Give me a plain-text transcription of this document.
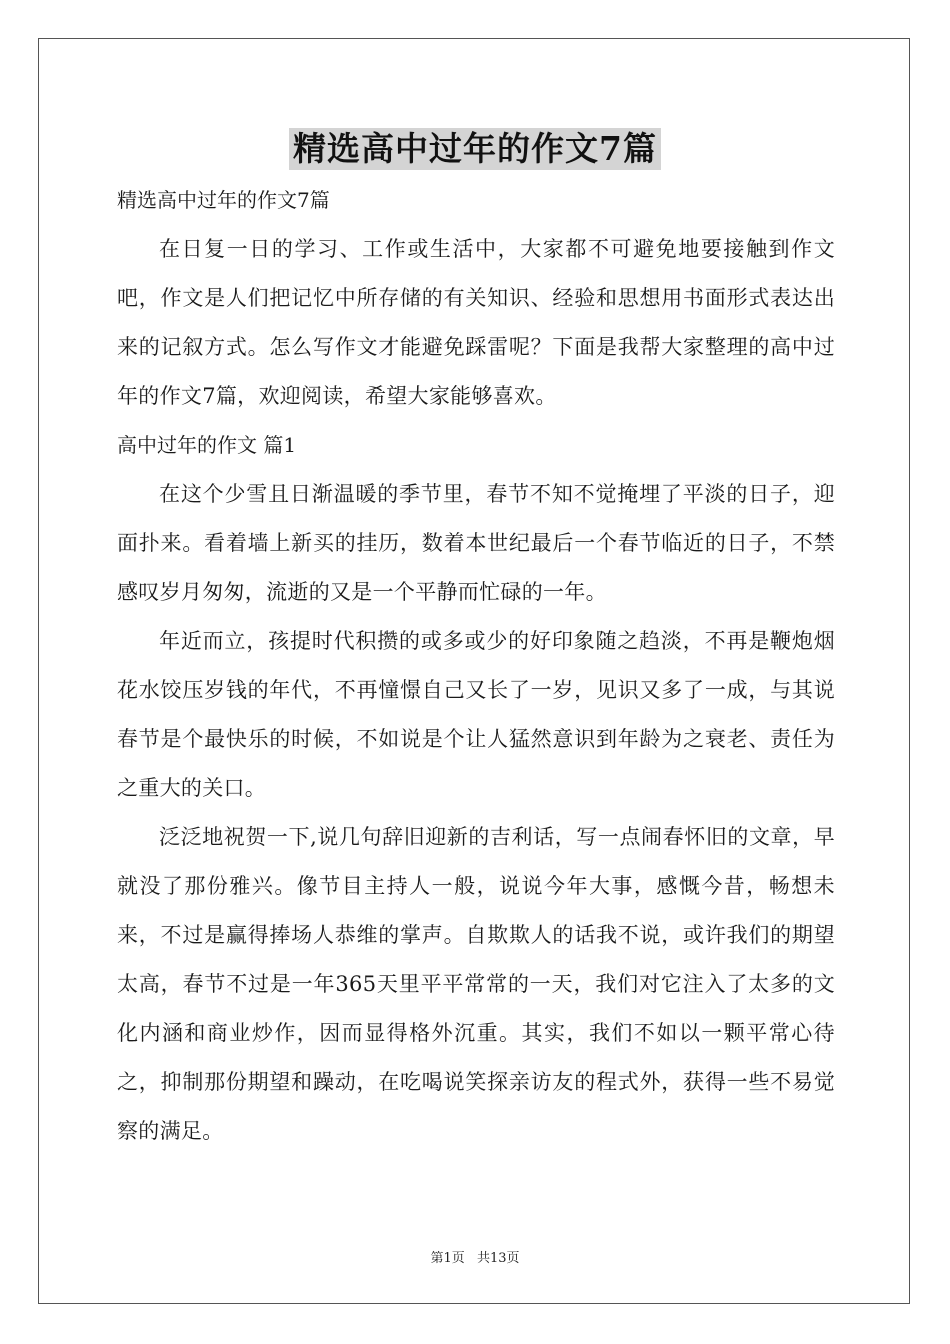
精选高中过年的作文7篇

精选高中过年的作文7篇

在日复一日的学习、工作或生活中，大家都不可避免地要接触到作文吧，作文是人们把记忆中所存储的有关知识、经验和思想用书面形式表达出来的记叙方式。怎么写作文才能避免踩雷呢？下面是我帮大家整理的高中过年的作文7篇，欢迎阅读，希望大家能够喜欢。

高中过年的作文 篇1

在这个少雪且日渐温暖的季节里，春节不知不觉掩埋了平淡的日子，迎面扑来。看着墙上新买的挂历，数着本世纪最后一个春节临近的日子，不禁感叹岁月匆匆，流逝的又是一个平静而忙碌的一年。

年近而立，孩提时代积攒的或多或少的好印象随之趋淡，不再是鞭炮烟花水饺压岁钱的年代，不再憧憬自己又长了一岁，见识又多了一成，与其说春节是个最快乐的时候，不如说是个让人猛然意识到年龄为之衰老、责任为之重大的关口。

泛泛地祝贺一下,说几句辞旧迎新的吉利话，写一点闹春怀旧的文章，早就没了那份雅兴。像节目主持人一般，说说今年大事，感慨今昔，畅想未来，不过是赢得捧场人恭维的掌声。自欺欺人的话我不说，或许我们的期望太高，春节不过是一年365天里平平常常的一天，我们对它注入了太多的文化内涵和商业炒作，因而显得格外沉重。其实，我们不如以一颗平常心待之，抑制那份期望和躁动，在吃喝说笑探亲访友的程式外，获得一些不易觉察的满足。

第1页 共13页
